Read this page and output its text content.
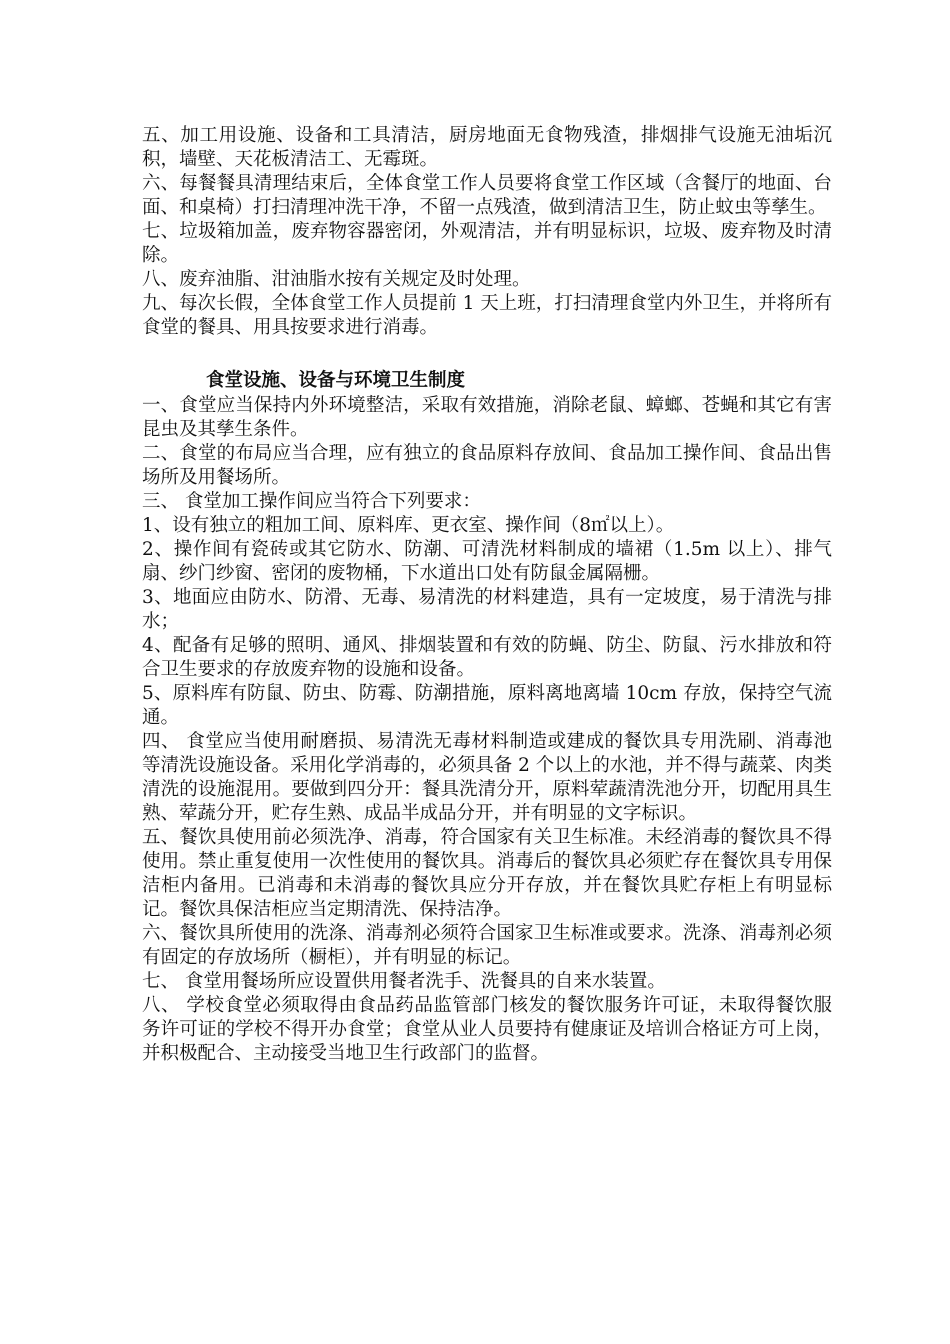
五、加工用设施、设备和工具清洁，厨房地面无食物残渣，排烟排气设施无油垢沉积，墙壁、天花板清洁工、无霉斑。

六、每餐餐具清理结束后，全体食堂工作人员要将食堂工作区域（含餐厅的地面、台面、和桌椅）打扫清理冲洗干净，不留一点残渣，做到清洁卫生，防止蚊虫等孳生。

七、垃圾箱加盖，废弃物容器密闭，外观清洁，并有明显标识，垃圾、废弃物及时清除。

八、废弃油脂、泔油脂水按有关规定及时处理。

九、每次长假，全体食堂工作人员提前 1 天上班，打扫清理食堂内外卫生，并将所有食堂的餐具、用具按要求进行消毒。

食堂设施、设备与环境卫生制度

一、食堂应当保持内外环境整洁，采取有效措施，消除老鼠、蟑螂、苍蝇和其它有害昆虫及其孳生条件。

二、食堂的布局应当合理，应有独立的食品原料存放间、食品加工操作间、食品出售场所及用餐场所。

三、 食堂加工操作间应当符合下列要求：

1、设有独立的粗加工间、原料库、更衣室、操作间（8㎡以上）。

2、操作间有瓷砖或其它防水、防潮、可清洗材料制成的墙裙（1.5m 以上）、排气扇、纱门纱窗、密闭的废物桶，下水道出口处有防鼠金属隔栅。

3、地面应由防水、防滑、无毒、易清洗的材料建造，具有一定坡度，易于清洗与排水；

4、配备有足够的照明、通风、排烟装置和有效的防蝇、防尘、防鼠、污水排放和符合卫生要求的存放废弃物的设施和设备。

5、原料库有防鼠、防虫、防霉、防潮措施，原料离地离墙 10cm 存放，保持空气流通。

四、 食堂应当使用耐磨损、易清洗无毒材料制造或建成的餐饮具专用洗刷、消毒池等清洗设施设备。采用化学消毒的，必须具备 2 个以上的水池，并不得与蔬菜、肉类清洗的设施混用。要做到四分开：餐具洗清分开，原料荤蔬清洗池分开，切配用具生熟、荤蔬分开，贮存生熟、成品半成品分开，并有明显的文字标识。

五、餐饮具使用前必须洗净、消毒，符合国家有关卫生标准。未经消毒的餐饮具不得使用。禁止重复使用一次性使用的餐饮具。消毒后的餐饮具必须贮存在餐饮具专用保洁柜内备用。已消毒和未消毒的餐饮具应分开存放，并在餐饮具贮存柜上有明显标记。餐饮具保洁柜应当定期清洗、保持洁净。

六、餐饮具所使用的洗涤、消毒剂必须符合国家卫生标准或要求。洗涤、消毒剂必须有固定的存放场所（橱柜），并有明显的标记。

七、 食堂用餐场所应设置供用餐者洗手、洗餐具的自来水装置。

八、 学校食堂必须取得由食品药品监管部门核发的餐饮服务许可证，未取得餐饮服务许可证的学校不得开办食堂；食堂从业人员要持有健康证及培训合格证方可上岗，并积极配合、主动接受当地卫生行政部门的监督。
